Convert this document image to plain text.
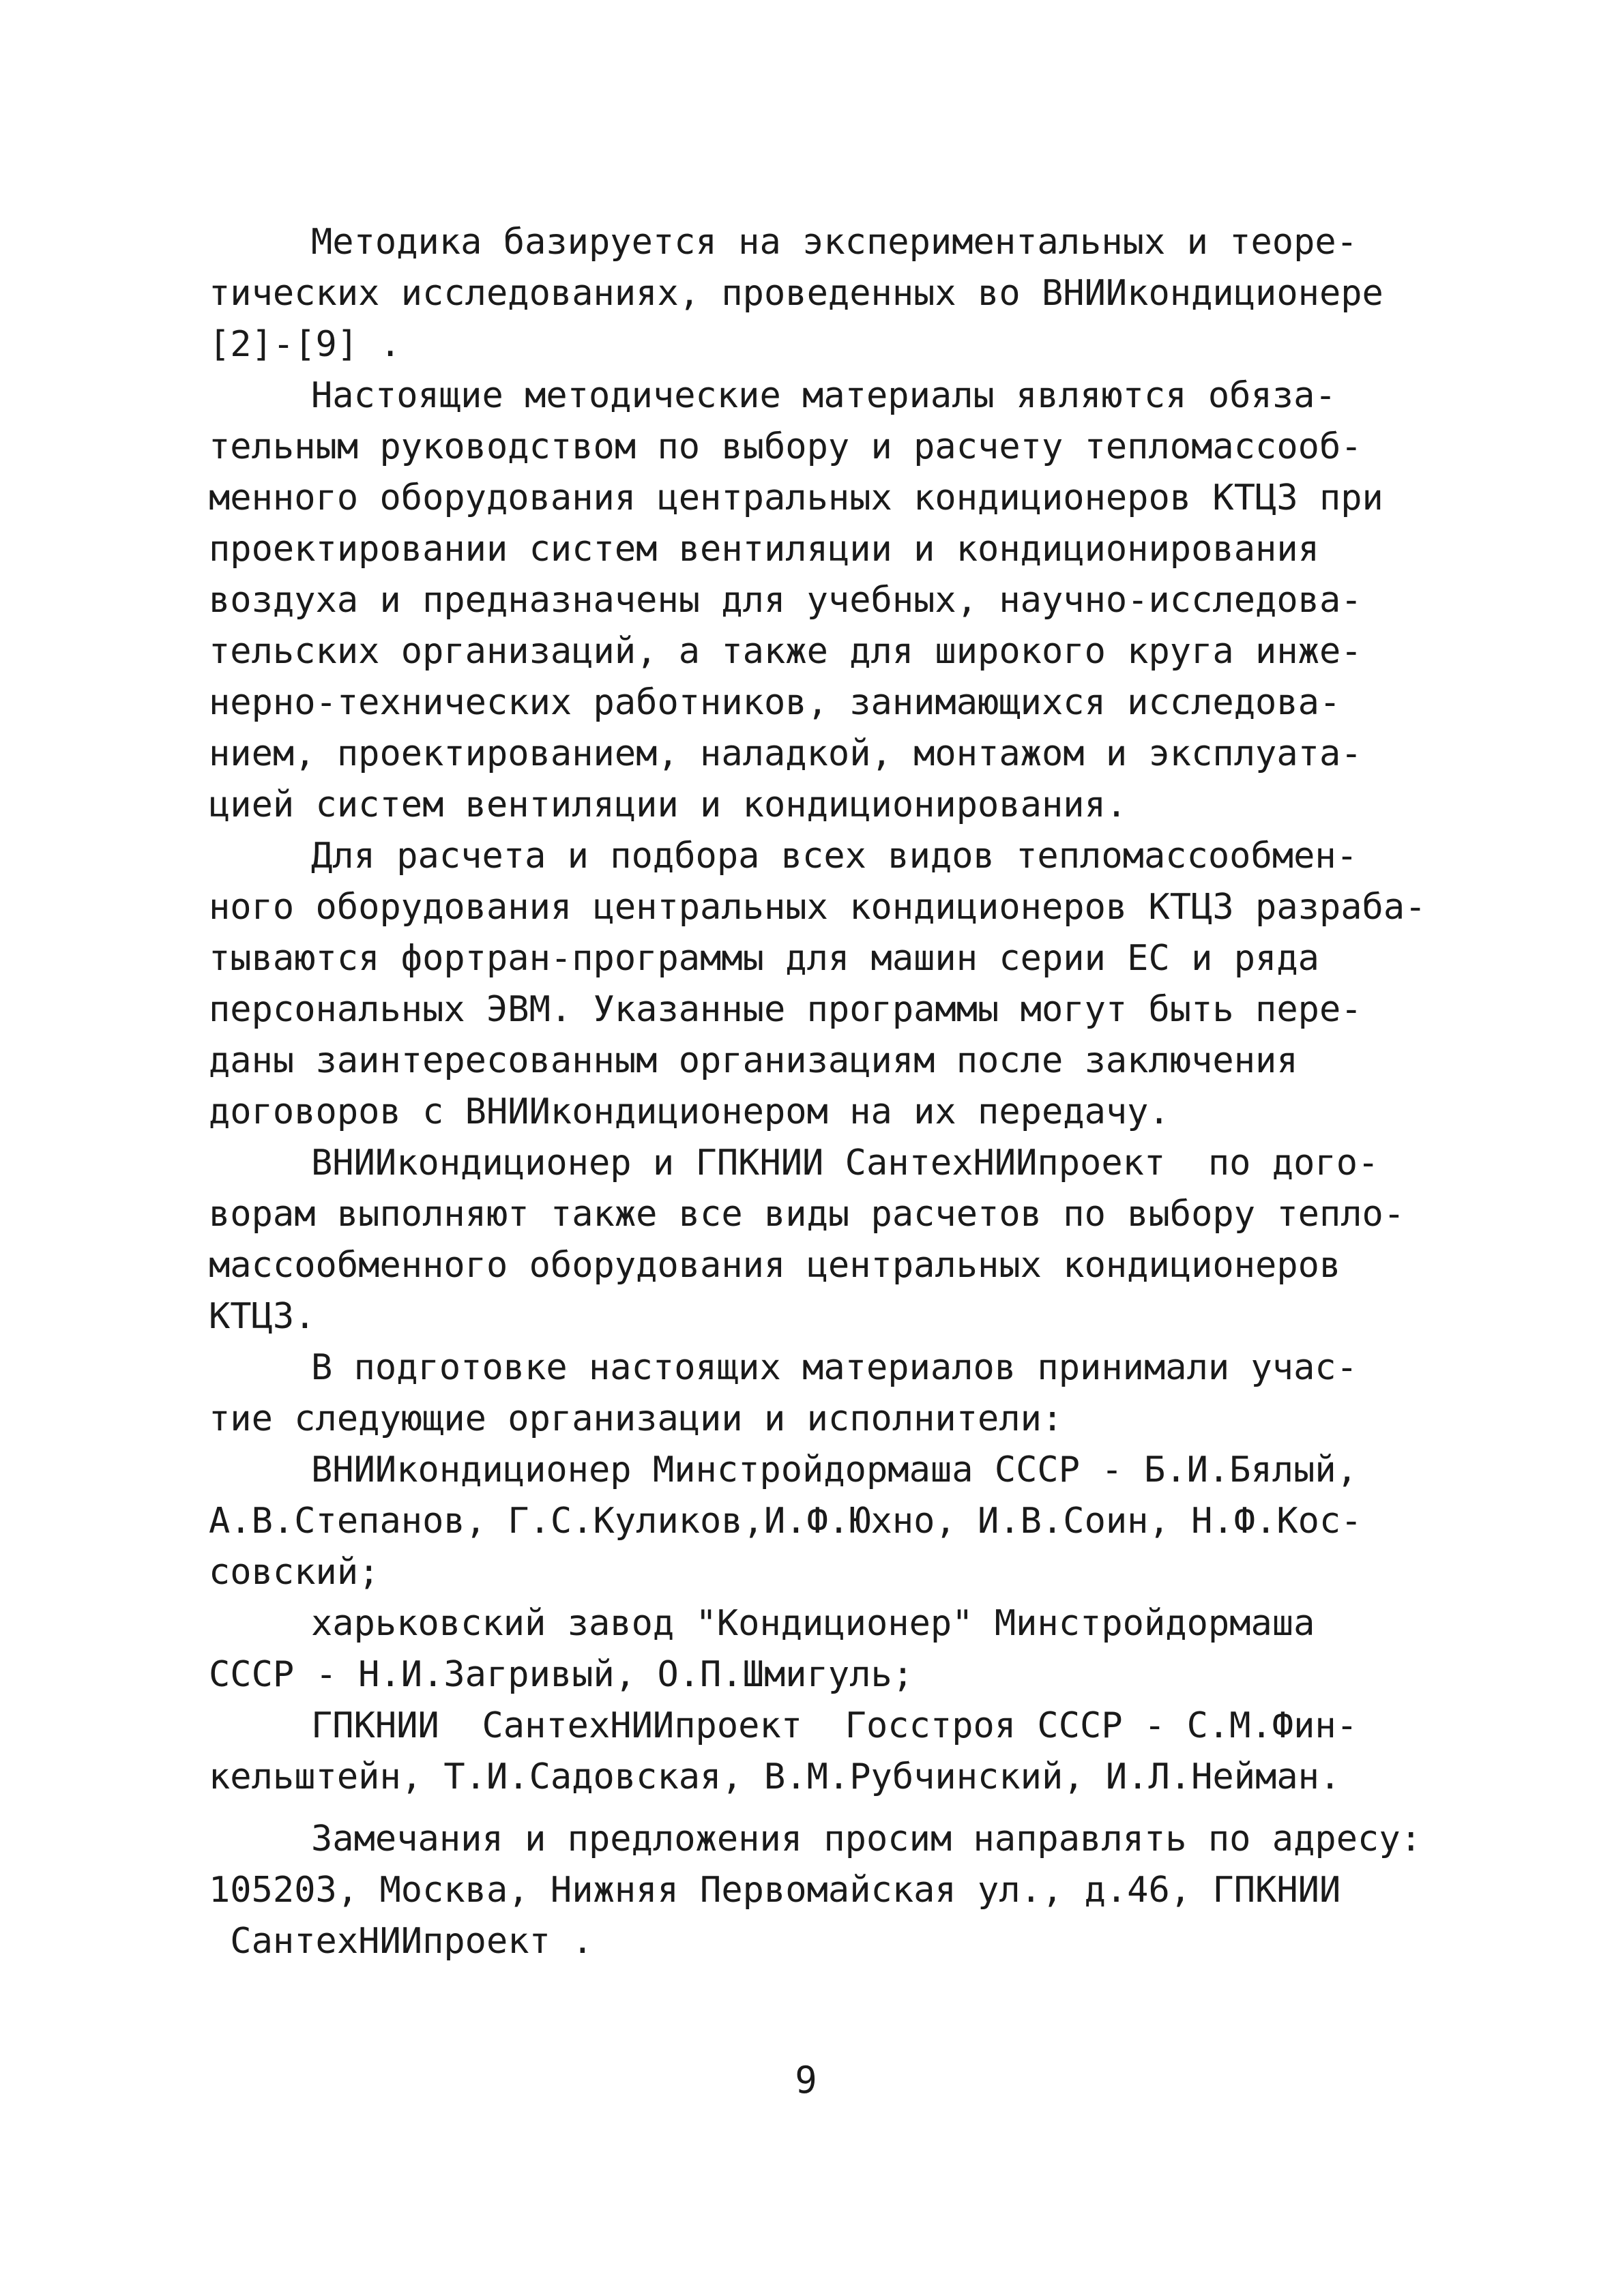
Методика базируется на экспериментальных и теоре-
тических исследованиях, проведенных во ВНИИкондиционере
[2]-[9] .
Настоящие методические материалы являются обяза-
тельным руководством по выбору и расчету тепломассооб-
менного оборудования центральных кондиционеров КТЦЗ при
проектировании систем вентиляции и кондиционирования
воздуха и предназначены для учебных, научно-исследова-
тельских организаций, а также для широкого круга инже-
нерно-технических работников, занимающихся исследова-
нием, проектированием, наладкой, монтажом и эксплуата-
цией систем вентиляции и кондиционирования.
Для расчета и подбора всех видов тепломассообмен-
ного оборудования центральных кондиционеров КТЦЗ разраба-
тываются фортран-программы для машин серии ЕС и ряда
персональных ЭВМ. Указанные программы могут быть пере-
даны заинтересованным организациям после заключения
договоров с ВНИИкондиционером на их передачу.
ВНИИкондиционер и ГПКНИИ СантехНИИпроект  по дого-
ворам выполняют также все виды расчетов по выбору тепло-
массообменного оборудования центральных кондиционеров
КТЦЗ.
В подготовке настоящих материалов принимали учас-
тие следующие организации и исполнители:
ВНИИкондиционер Минстройдормаша СССР - Б.И.Бялый,
А.В.Степанов, Г.С.Куликов,И.Ф.Юхно, И.В.Соин, Н.Ф.Кос-
совский;
харьковский завод "Кондиционер" Минстройдормаша
СССР - Н.И.Загривый, О.П.Шмигуль;
ГПКНИИ  СантехНИИпроект  Госстроя СССР - С.М.Фин-
кельштейн, Т.И.Садовская, В.М.Рубчинский, И.Л.Нейман.
Замечания и предложения просим направлять по адресу:
105203, Москва, Нижняя Первомайская ул., д.46, ГПКНИИ
СантехНИИпроект .
9
